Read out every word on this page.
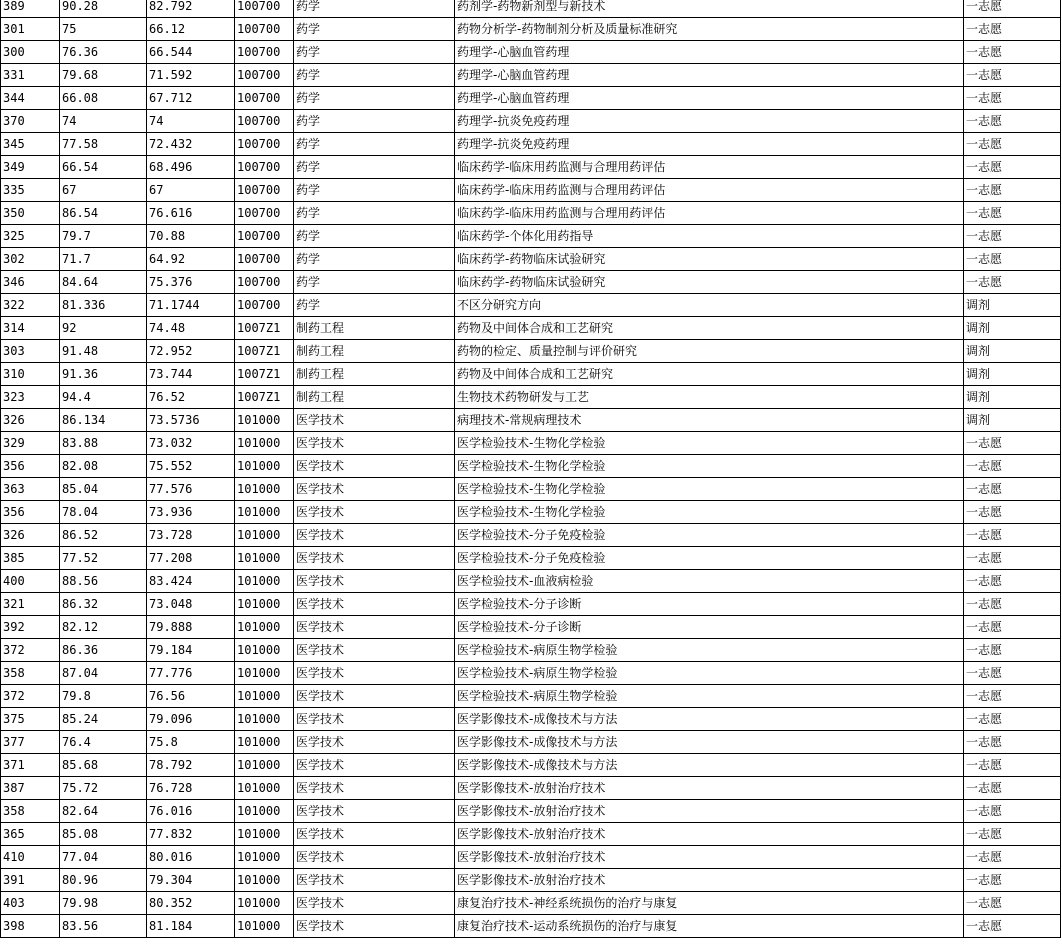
389	90.28	82.792	100700	药学	药剂学-药物新剂型与新技术	一志愿
301	75	66.12	100700	药学	药物分析学-药物制剂分析及质量标准研究	一志愿
300	76.36	66.544	100700	药学	药理学-心脑血管药理	一志愿
331	79.68	71.592	100700	药学	药理学-心脑血管药理	一志愿
344	66.08	67.712	100700	药学	药理学-心脑血管药理	一志愿
370	74	74	100700	药学	药理学-抗炎免疫药理	一志愿
345	77.58	72.432	100700	药学	药理学-抗炎免疫药理	一志愿
349	66.54	68.496	100700	药学	临床药学-临床用药监测与合理用药评估	一志愿
335	67	67	100700	药学	临床药学-临床用药监测与合理用药评估	一志愿
350	86.54	76.616	100700	药学	临床药学-临床用药监测与合理用药评估	一志愿
325	79.7	70.88	100700	药学	临床药学-个体化用药指导	一志愿
302	71.7	64.92	100700	药学	临床药学-药物临床试验研究	一志愿
346	84.64	75.376	100700	药学	临床药学-药物临床试验研究	一志愿
322	81.336	71.1744	100700	药学	不区分研究方向	调剂
314	92	74.48	1007Z1	制药工程	药物及中间体合成和工艺研究	调剂
303	91.48	72.952	1007Z1	制药工程	药物的检定、质量控制与评价研究	调剂
310	91.36	73.744	1007Z1	制药工程	药物及中间体合成和工艺研究	调剂
323	94.4	76.52	1007Z1	制药工程	生物技术药物研发与工艺	调剂
326	86.134	73.5736	101000	医学技术	病理技术-常规病理技术	调剂
329	83.88	73.032	101000	医学技术	医学检验技术-生物化学检验	一志愿
356	82.08	75.552	101000	医学技术	医学检验技术-生物化学检验	一志愿
363	85.04	77.576	101000	医学技术	医学检验技术-生物化学检验	一志愿
356	78.04	73.936	101000	医学技术	医学检验技术-生物化学检验	一志愿
326	86.52	73.728	101000	医学技术	医学检验技术-分子免疫检验	一志愿
385	77.52	77.208	101000	医学技术	医学检验技术-分子免疫检验	一志愿
400	88.56	83.424	101000	医学技术	医学检验技术-血液病检验	一志愿
321	86.32	73.048	101000	医学技术	医学检验技术-分子诊断	一志愿
392	82.12	79.888	101000	医学技术	医学检验技术-分子诊断	一志愿
372	86.36	79.184	101000	医学技术	医学检验技术-病原生物学检验	一志愿
358	87.04	77.776	101000	医学技术	医学检验技术-病原生物学检验	一志愿
372	79.8	76.56	101000	医学技术	医学检验技术-病原生物学检验	一志愿
375	85.24	79.096	101000	医学技术	医学影像技术-成像技术与方法	一志愿
377	76.4	75.8	101000	医学技术	医学影像技术-成像技术与方法	一志愿
371	85.68	78.792	101000	医学技术	医学影像技术-成像技术与方法	一志愿
387	75.72	76.728	101000	医学技术	医学影像技术-放射治疗技术	一志愿
358	82.64	76.016	101000	医学技术	医学影像技术-放射治疗技术	一志愿
365	85.08	77.832	101000	医学技术	医学影像技术-放射治疗技术	一志愿
410	77.04	80.016	101000	医学技术	医学影像技术-放射治疗技术	一志愿
391	80.96	79.304	101000	医学技术	医学影像技术-放射治疗技术	一志愿
403	79.98	80.352	101000	医学技术	康复治疗技术-神经系统损伤的治疗与康复	一志愿
398	83.56	81.184	101000	医学技术	康复治疗技术-运动系统损伤的治疗与康复	一志愿
